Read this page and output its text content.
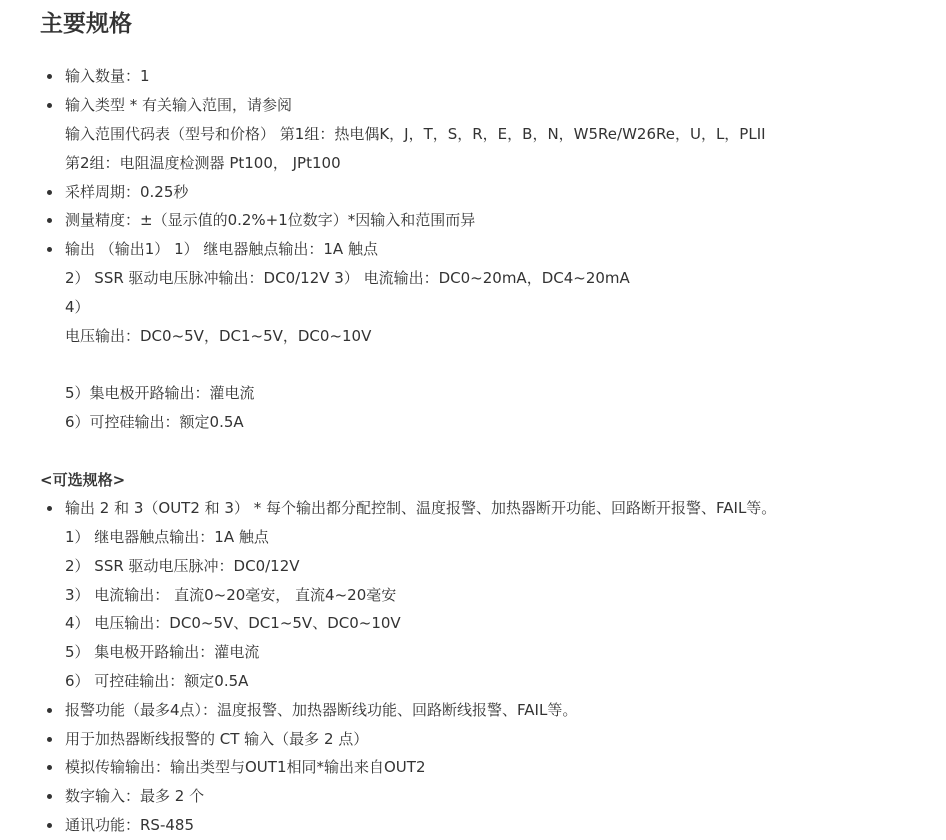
主要规格
输入数量：1
输入类型 * 有关输入范围，请参阅
输入范围代码表（型号和价格） 第1组：热电偶K，J，T，S，R，E，B，N，W5Re/W26Re，U，L，PLII
第2组：电阻温度检测器 Pt100， JPt100
采样周期：0.25秒
测量精度：±（显示值的0.2%+1位数字）*因输入和范围而异
输出 （输出1） 1） 继电器触点输出：1A 触点
2） SSR 驱动电压脉冲输出：DC0/12V 3） 电流输出：DC0~20mA，DC4~20mA
4）
电压输出：DC0~5V，DC1~5V，DC0~10V
5）集电极开路输出：灌电流
6）可控硅输出：额定0.5A
<可选规格>
输出 2 和 3（OUT2 和 3） * 每个输出都分配控制、温度报警、加热器断开功能、回路断开报警、FAIL等。
1） 继电器触点输出：1A 触点
2） SSR 驱动电压脉冲：DC0/12V
3） 电流输出： 直流0~20毫安， 直流4~20毫安
4） 电压输出：DC0~5V、DC1~5V、DC0~10V
5） 集电极开路输出：灌电流
6） 可控硅输出：额定0.5A
报警功能（最多4点）：温度报警、加热器断线功能、回路断线报警、FAIL等。
用于加热器断线报警的 CT 输入（最多 2 点）
模拟传输输出：输出类型与OUT1相同*输出来自OUT2
数字输入：最多 2 个
通讯功能：RS-485
